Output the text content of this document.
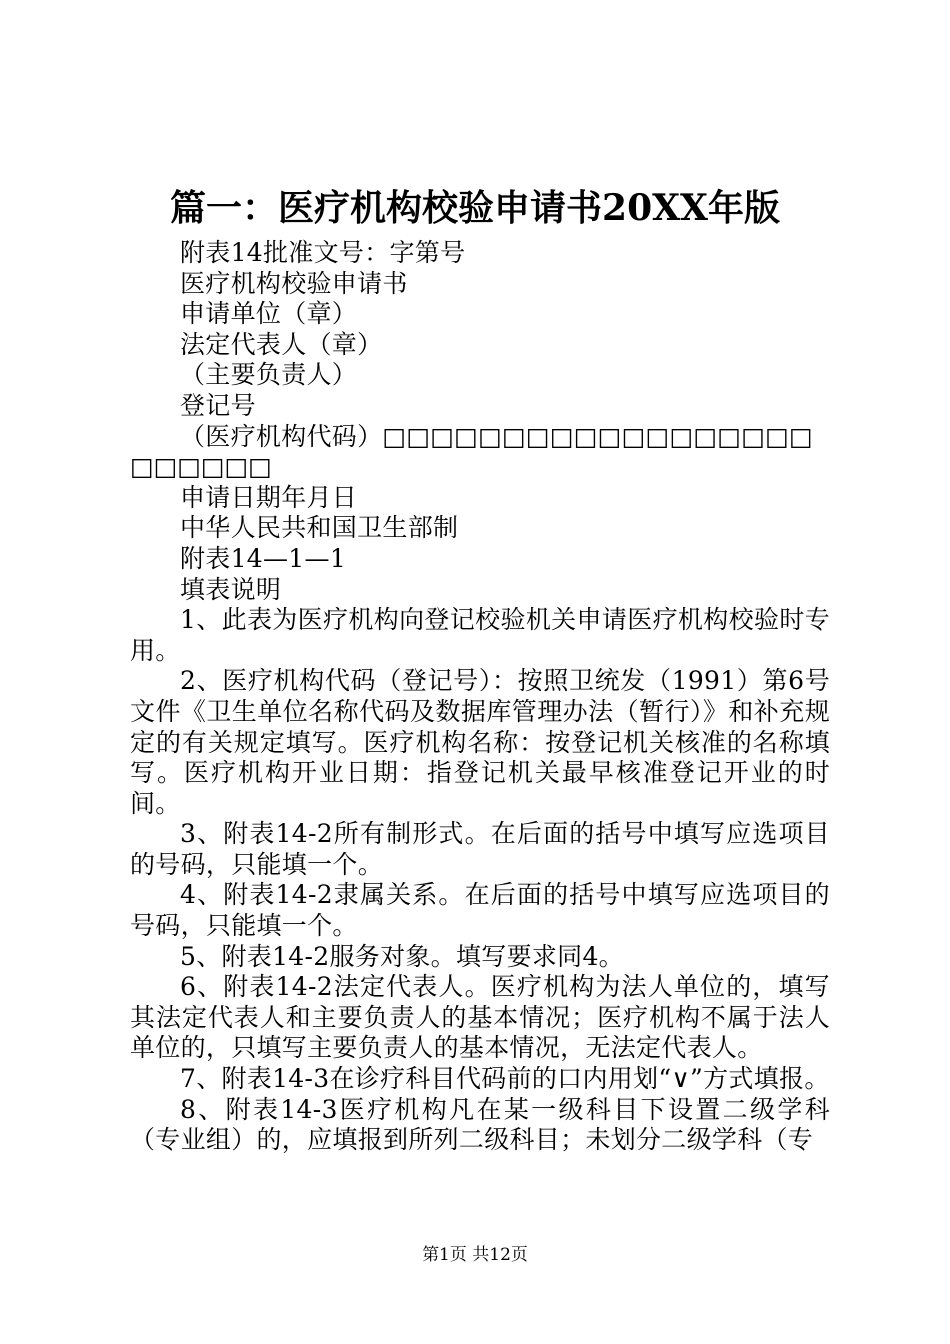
篇一：医疗机构校验申请书20XX年版

附表14批准文号：字第号

医疗机构校验申请书

申请单位（章）

法定代表人（章）

（主要负责人）

登记号

（医疗机构代码）□□□□□□□□□□□□□□□□□□

□□□□□□

申请日期年月日

中华人民共和国卫生部制

附表14—1—1

填表说明

1、此表为医疗机构向登记校验机关申请医疗机构校验时专用。

2、医疗机构代码（登记号）：按照卫统发（1991）第6号文件《卫生单位名称代码及数据库管理办法（暂行）》和补充规定的有关规定填写。医疗机构名称：按登记机关核准的名称填写。医疗机构开业日期：指登记机关最早核准登记开业的时间。

3、附表14-2所有制形式。在后面的括号中填写应选项目的号码，只能填一个。

4、附表14-2隶属关系。在后面的括号中填写应选项目的号码，只能填一个。

5、附表14-2服务对象。填写要求同4。

6、附表14-2法定代表人。医疗机构为法人单位的，填写其法定代表人和主要负责人的基本情况；医疗机构不属于法人单位的，只填写主要负责人的基本情况，无法定代表人。

7、附表14-3在诊疗科目代码前的口内用划“∨”方式填报。

8、附表14-3医疗机构凡在某一级科目下设置二级学科（专业组）的，应填报到所列二级科目；未划分二级学科（专

第1页 共12页
